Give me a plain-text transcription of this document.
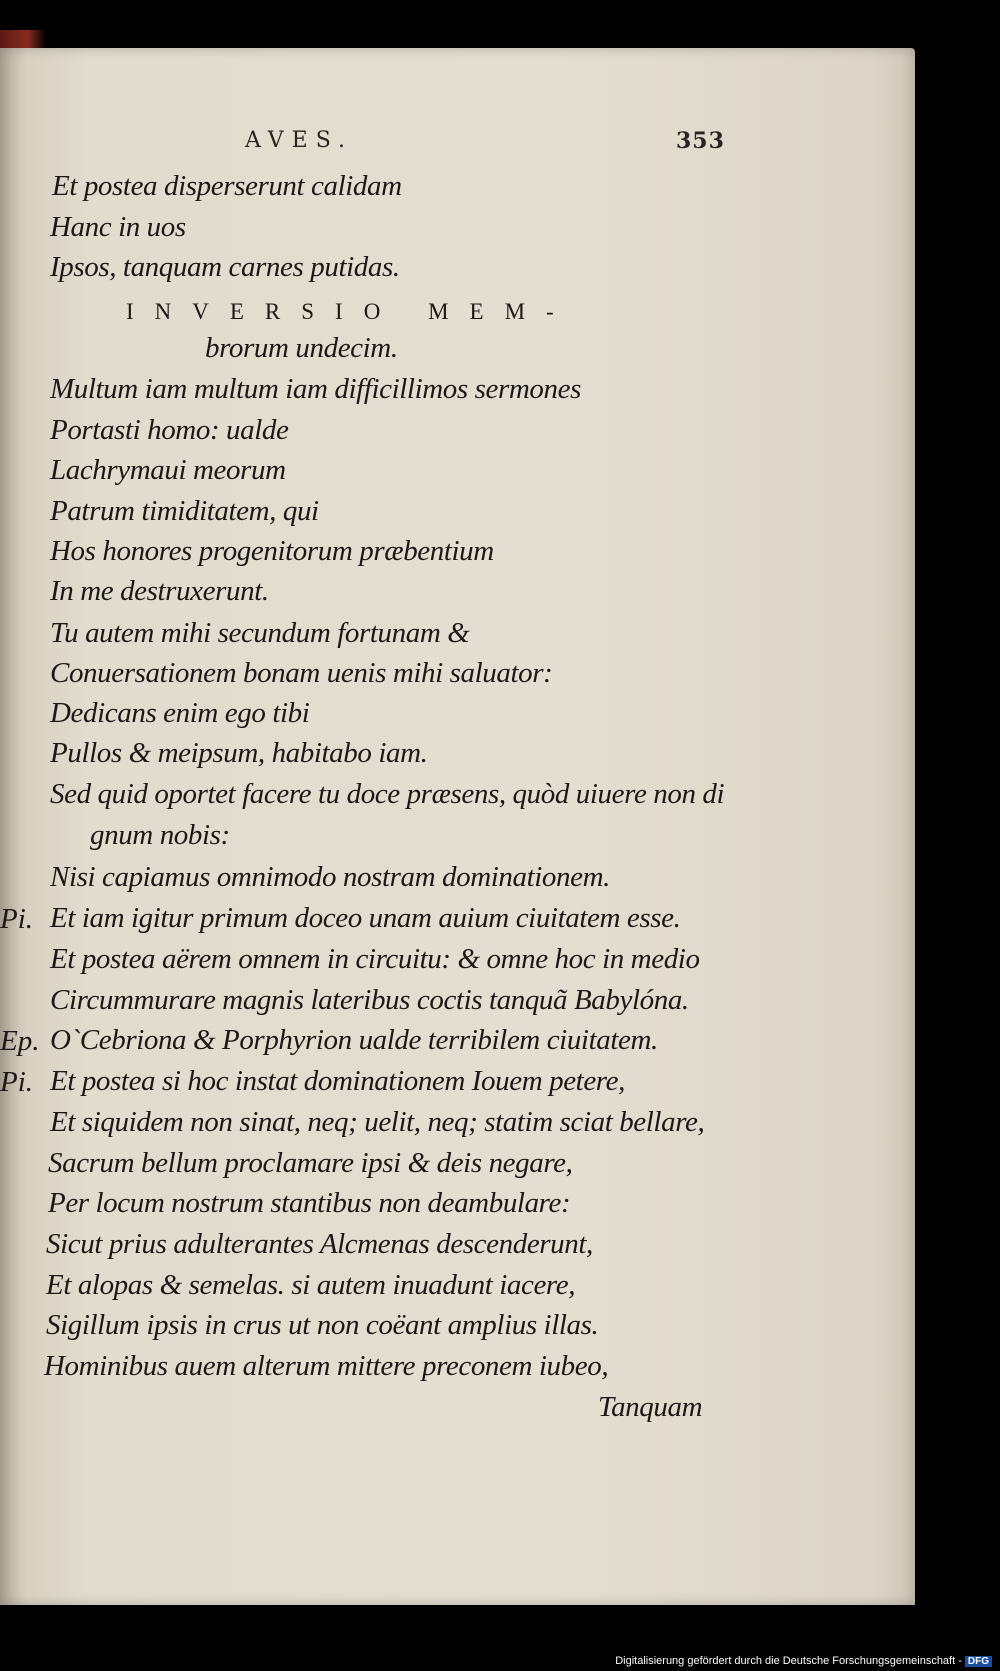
AVES.	353
Et postea disperserunt calidam
Hanc in uos
Ipsos, tanquam carnes putidas.
INVERSIO MEM-
brorum undecim.
Multum iam multum iam difficillimos sermones
Portasti homo: ualde
Lachrymaui meorum
Patrum timiditatem, qui
Hos honores progenitorum præbentium
In me destruxerunt.
Tu autem mihi secundum fortunam &
Conuersationem bonam uenis mihi saluator:
Dedicans enim ego tibi
Pullos & meipsum, habitabo iam.
Sed quid oportet facere tu doce præsens, quòd uiuere non di
gnum nobis:
Nisi capiamus omnimodo nostram dominationem.
Et iam igitur primum doceo unam auium ciuitatem esse.
Et postea aërem omnem in circuitu: & omne hoc in medio
Circummurare magnis lateribus coctis tanquã Babylóna.
O`Cebriona & Porphyrion ualde terribilem ciuitatem.
Et postea si hoc instat dominationem Iouem petere,
Et siquidem non sinat, neq; uelit, neq; statim sciat bellare,
Sacrum bellum proclamare ipsi & deis negare,
Per locum nostrum stantibus non deambulare:
Sicut prius adulterantes Alcmenas descenderunt,
Et alopas & semelas. si autem inuadunt iacere,
Sigillum ipsis in crus ut non coëant amplius illas.
Hominibus auem alterum mittere preconem iubeo,
Tanquam
Pi.
Ep.
Pi.
Digitalisierung gefördert durch die Deutsche Forschungsgemeinschaft - DFG
